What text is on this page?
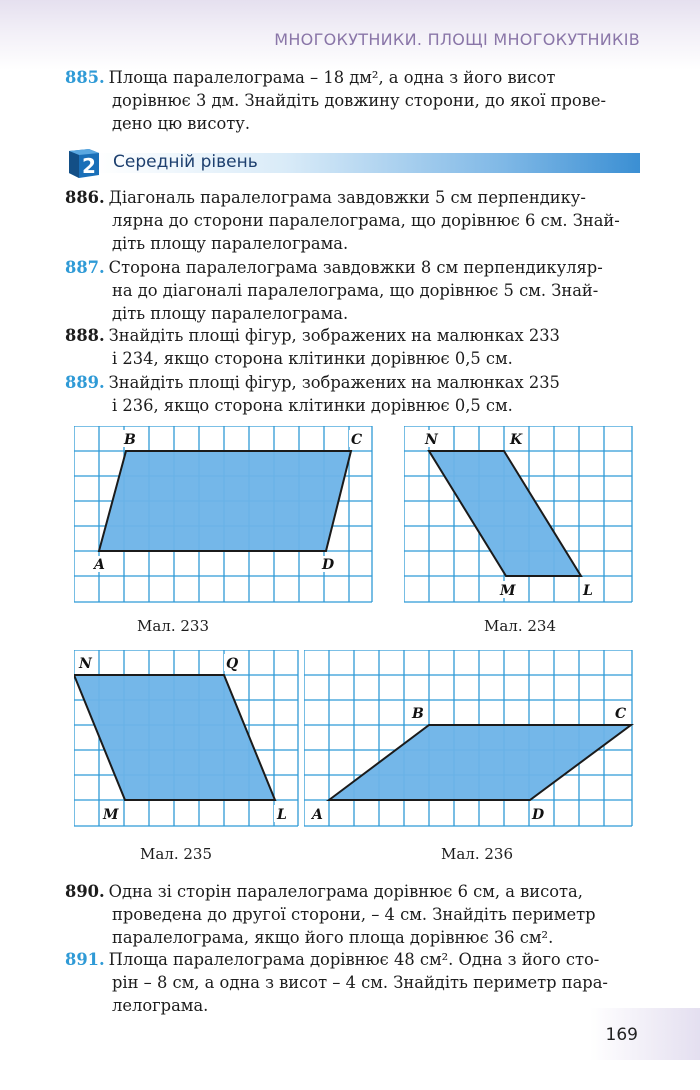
МНОГОКУТНИКИ. ПЛОЩІ МНОГОКУТНИКІВ
885. Площа паралелограма – 18 дм², а одна з його висот
дорівнює 3 дм. Знайдіть довжину сторони, до якої прове-
дено цю висоту.
2 Середній рівень
886. Діагональ паралелограма завдовжки 5 см перпендику-
лярна до сторони паралелограма, що дорівнює 6 см. Знай-
діть площу паралелограма.
887. Сторона паралелограма завдовжки 8 см перпендикуляр-
на до діагоналі паралелограма, що дорівнює 5 см. Знай-
діть площу паралелограма.
888. Знайдіть площі фігур, зображених на малюнках 233
і 234, якщо сторона клітинки дорівнює 0,5 см.
889. Знайдіть площі фігур, зображених на малюнках 235
і 236, якщо сторона клітинки дорівнює 0,5 см.
A
B	C
D
Мал. 233
N	K
L
M
Мал. 234
N	Q
L
M
Мал. 235
A
B	C
D
Мал. 236
890. Одна зі сторін паралелограма дорівнює 6 см, а висота,
проведена до другої сторони, – 4 см. Знайдіть периметр
паралелограма, якщо його площа дорівнює 36 см².
891. Площа паралелограма дорівнює 48 см². Одна з його сто-
рін – 8 см, а одна з висот – 4 см. Знайдіть периметр пара-
лелограма.
169
